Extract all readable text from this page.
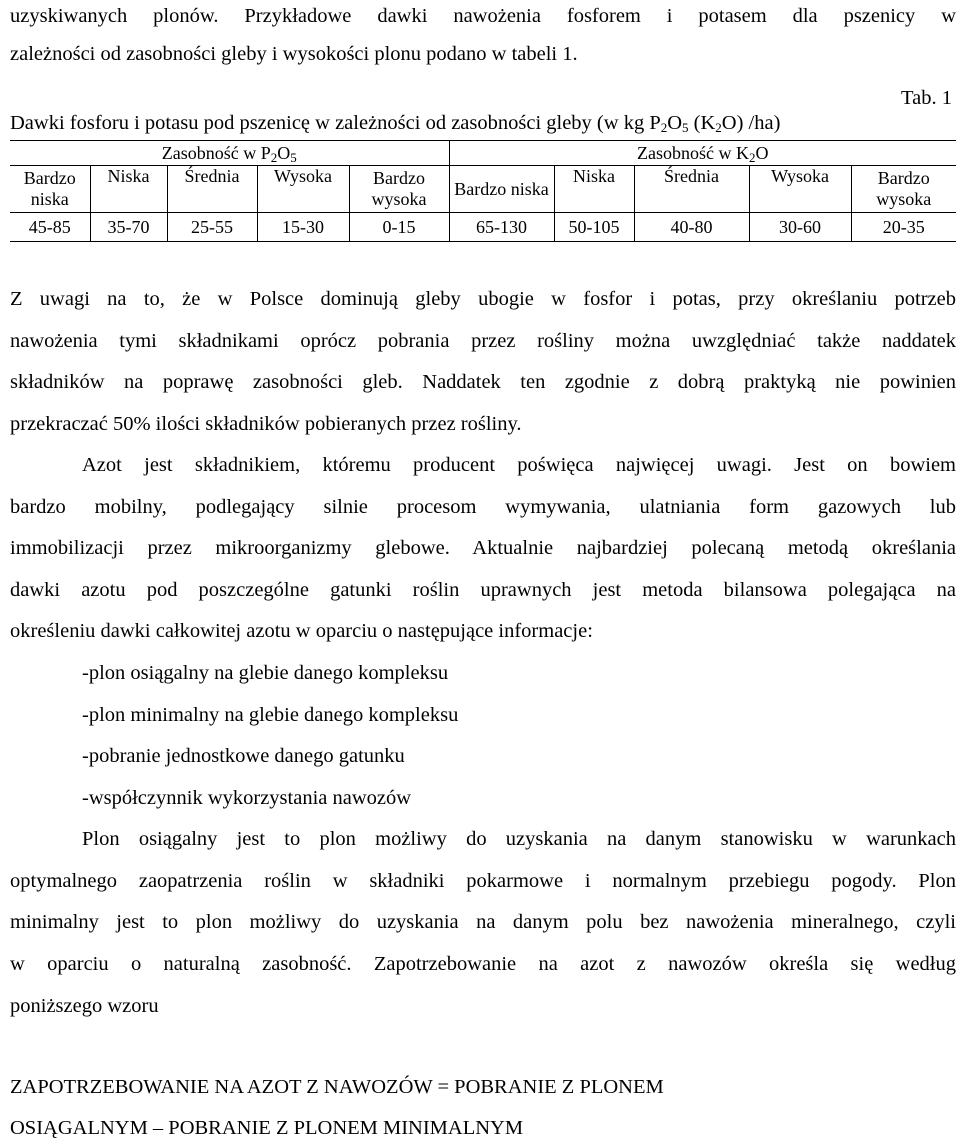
uzyskiwanych plonów. Przykładowe dawki nawożenia fosforem i potasem dla pszenicy w
zależności od zasobności gleby i wysokości plonu podano w tabeli 1.
Tab. 1
Dawki fosforu i potasu pod pszenicę w zależności od zasobności gleby (w kg $P_2O_5$ $(K_2O)$ /ha)
Zasobność w $P_2O_5$					Zasobność w $K_2O$				
Bardzo niska	Niska	Średnia	Wysoka	Bardzo wysoka	Bardzo niska	Niska	Średnia	Wysoka	Bardzo wysoka
45-85	35-70	25-55	15-30	0-15	65-130	50-105	40-80	30-60	20-35
Z uwagi na to, że w Polsce dominują gleby ubogie w fosfor i potas, przy określaniu potrzeb
nawożenia tymi składnikami oprócz pobrania przez rośliny można uwzględniać także naddatek
składników na poprawę zasobności gleb. Naddatek ten zgodnie z dobrą praktyką nie powinien
przekraczać 50% ilości składników pobieranych przez rośliny.
Azot jest składnikiem, któremu producent poświęca najwięcej uwagi. Jest on bowiem
bardzo mobilny, podlegający silnie procesom wymywania, ulatniania form gazowych lub
immobilizacji przez mikroorganizmy glebowe. Aktualnie najbardziej polecaną metodą określania
dawki azotu pod poszczególne gatunki roślin uprawnych jest metoda bilansowa polegająca na
określeniu dawki całkowitej azotu w oparciu o następujące informacje:
-plon osiągalny na glebie danego kompleksu
-plon minimalny na glebie danego kompleksu
-pobranie jednostkowe danego gatunku
-współczynnik wykorzystania nawozów
Plon osiągalny jest to plon możliwy do uzyskania na danym stanowisku w warunkach
optymalnego zaopatrzenia roślin w składniki pokarmowe i normalnym przebiegu pogody. Plon
minimalny jest to plon możliwy do uzyskania na danym polu bez nawożenia mineralnego, czyli
w oparciu o naturalną zasobność. Zapotrzebowanie na azot z nawozów określa się według
poniższego wzoru
ZAPOTRZEBOWANIE NA AZOT Z NAWOZÓW = POBRANIE Z PLONEM
OSIĄGALNYM – POBRANIE Z PLONEM MINIMALNYM
